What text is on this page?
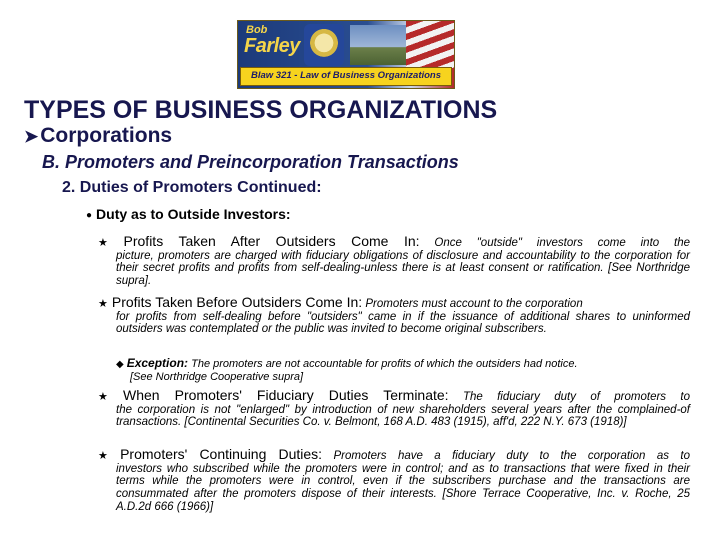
Bob
Farley
Blaw 321 - Law of Business Organizations
TYPES OF BUSINESS ORGANIZATIONS
➤Corporations
B. Promoters and Preincorporation Transactions
2. Duties of Promoters Continued:
● Duty as to Outside Investors:
★ Profits Taken After Outsiders Come In: Once "outside" investors come into the
picture, promoters are charged with fiduciary obligations of disclosure and accountability to the corporation for their secret profits and profits from self-dealing-unless there is at least consent or ratification. [See Northridge supra].
★ Profits Taken Before Outsiders Come In: Promoters must account to the corporation
for profits from self-dealing before "outsiders" came in if the issuance of additional shares to uninformed outsiders was contemplated or the public was invited to become original subscribers.
◆ Exception: The promoters are not accountable for profits of which the outsiders had notice.
[See Northridge Cooperative supra]
★ When Promoters' Fiduciary Duties Terminate: The fiduciary duty of promoters to
the corporation is not "enlarged" by introduction of new shareholders several years after the complained-of transactions. [Continental Securities Co. v. Belmont, 168 A.D. 483 (1915), aff'd, 222 N.Y. 673 (1918)]
★ Promoters' Continuing Duties: Promoters have a fiduciary duty to the corporation as to
investors who subscribed while the promoters were in control; and as to transactions that were fixed in their terms while the promoters were in control, even if the subscribers purchase and the transactions are consummated after the promoters dispose of their interests. [Shore Terrace Cooperative, Inc. v. Roche, 25 A.D.2d 666 (1966)]
